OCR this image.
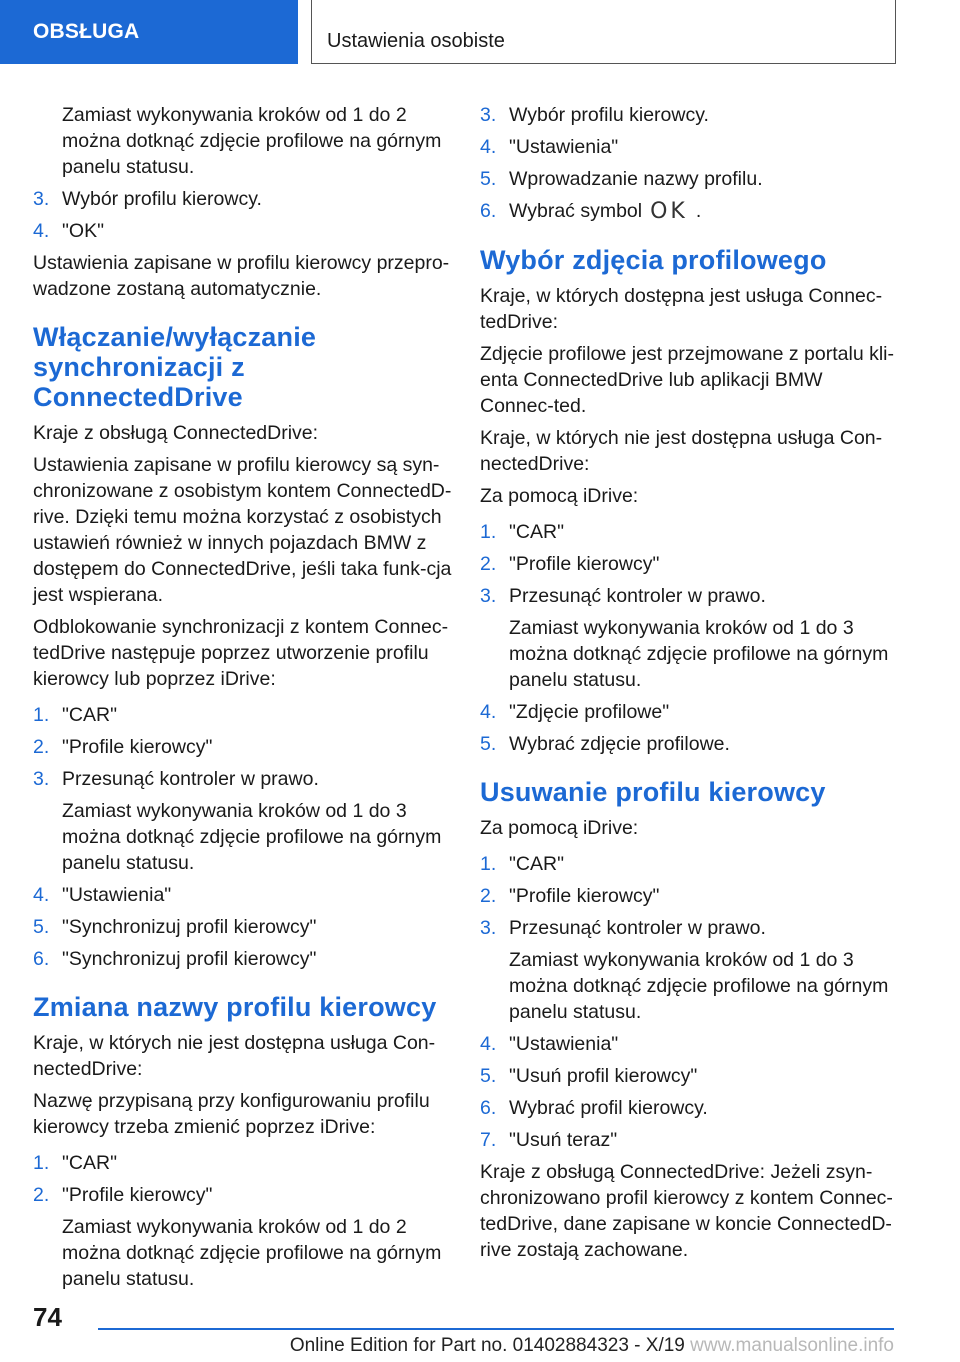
OBSŁUGA	Ustawienia osobiste

Zamiast wykonywania kroków od 1 do 2 można dotknąć zdjęcie profilowe na górnym panelu statusu.

3. Wybór profilu kierowcy.
4. "OK"

Ustawienia zapisane w profilu kierowcy przepro-wadzone zostaną automatycznie.

Włączanie/wyłączanie synchronizacji z ConnectedDrive

Kraje z obsługą ConnectedDrive:

Ustawienia zapisane w profilu kierowcy są syn-chronizowane z osobistym kontem ConnectedD-rive. Dzięki temu można korzystać z osobistych ustawień również w innych pojazdach BMW z dostępem do ConnectedDrive, jeśli taka funk-cja jest wspierana.

Odblokowanie synchronizacji z kontem Connec-tedDrive następuje poprzez utworzenie profilu kierowcy lub poprzez iDrive:

1. "CAR"
2. "Profile kierowcy"
3. Przesunąć kontroler w prawo.

Zamiast wykonywania kroków od 1 do 3 można dotknąć zdjęcie profilowe na górnym panelu statusu.

4. "Ustawienia"
5. "Synchronizuj profil kierowcy"
6. "Synchronizuj profil kierowcy"
Zmiana nazwy profilu kierowcy

Kraje, w których nie jest dostępna usługa Con-nectedDrive:

Nazwę przypisaną przy konfigurowaniu profilu kierowcy trzeba zmienić poprzez iDrive:

1. "CAR"
2. "Profile kierowcy"

Zamiast wykonywania kroków od 1 do 2 można dotknąć zdjęcie profilowe na górnym panelu statusu.

3. Wybór profilu kierowcy.
4. "Ustawienia"
5. Wprowadzanie nazwy profilu.
6. Wybrać symbol OK .
Wybór zdjęcia profilowego

Kraje, w których dostępna jest usługa Connec-tedDrive:

Zdjęcie profilowe jest przejmowane z portalu kli-enta ConnectedDrive lub aplikacji BMW Connec-ted.

Kraje, w których nie jest dostępna usługa Con-nectedDrive:

Za pomocą iDrive:

1. "CAR"
2. "Profile kierowcy"
3. Przesunąć kontroler w prawo.

Zamiast wykonywania kroków od 1 do 3 można dotknąć zdjęcie profilowe na górnym panelu statusu.

4. "Zdjęcie profilowe"
5. Wybrać zdjęcie profilowe.
Usuwanie profilu kierowcy

Za pomocą iDrive:

1. "CAR"
2. "Profile kierowcy"
3. Przesunąć kontroler w prawo.

Zamiast wykonywania kroków od 1 do 3 można dotknąć zdjęcie profilowe na górnym panelu statusu.

4. "Ustawienia"
5. "Usuń profil kierowcy"
6. Wybrać profil kierowcy.
7. "Usuń teraz"

Kraje z obsługą ConnectedDrive: Jeżeli zsyn-chronizowano profil kierowcy z kontem Connec-tedDrive, dane zapisane w koncie ConnectedD-rive zostają zachowane.

74
Online Edition for Part no. 01402884323 - X/19 www.manualsonline.info
